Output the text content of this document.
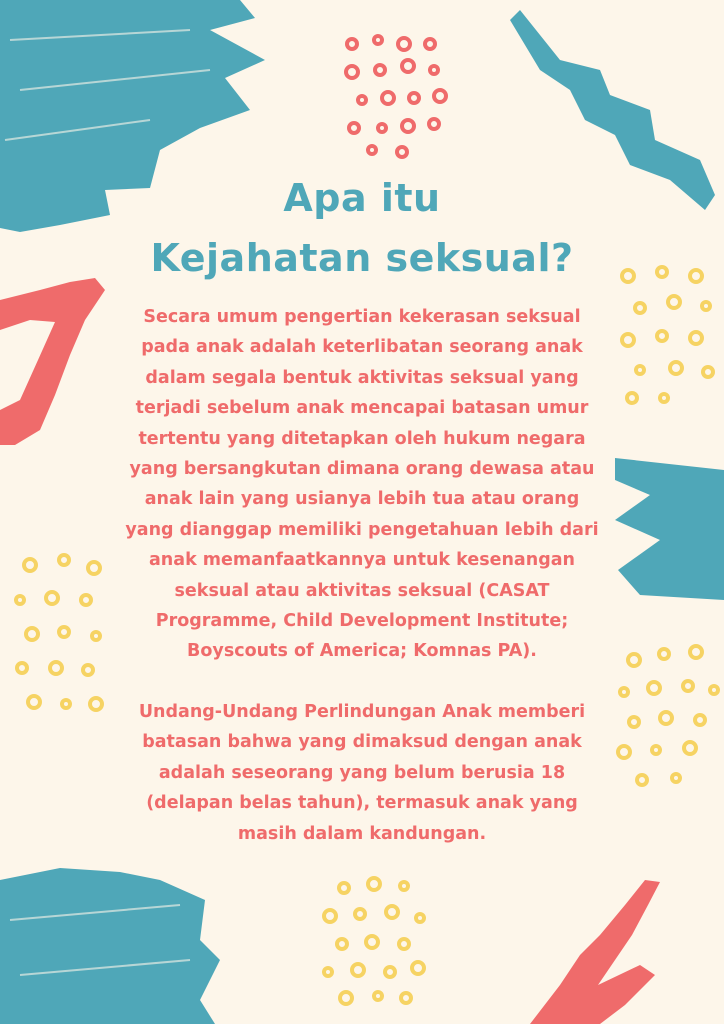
Apa itu
Kejahatan seksual?

Secara umum pengertian kekerasan seksual pada anak adalah keterlibatan seorang anak dalam segala bentuk aktivitas seksual yang terjadi sebelum anak mencapai batasan umur tertentu yang ditetapkan oleh hukum negara yang bersangkutan dimana orang dewasa atau anak lain yang usianya lebih tua atau orang yang dianggap memiliki pengetahuan lebih dari anak memanfaatkannya untuk kesenangan seksual atau aktivitas seksual (CASAT Programme, Child Development Institute; Boyscouts of America; Komnas PA).

Undang-Undang Perlindungan Anak memberi batasan bahwa yang dimaksud dengan anak adalah seseorang yang belum berusia 18 (delapan belas tahun), termasuk anak yang masih dalam kandungan.
